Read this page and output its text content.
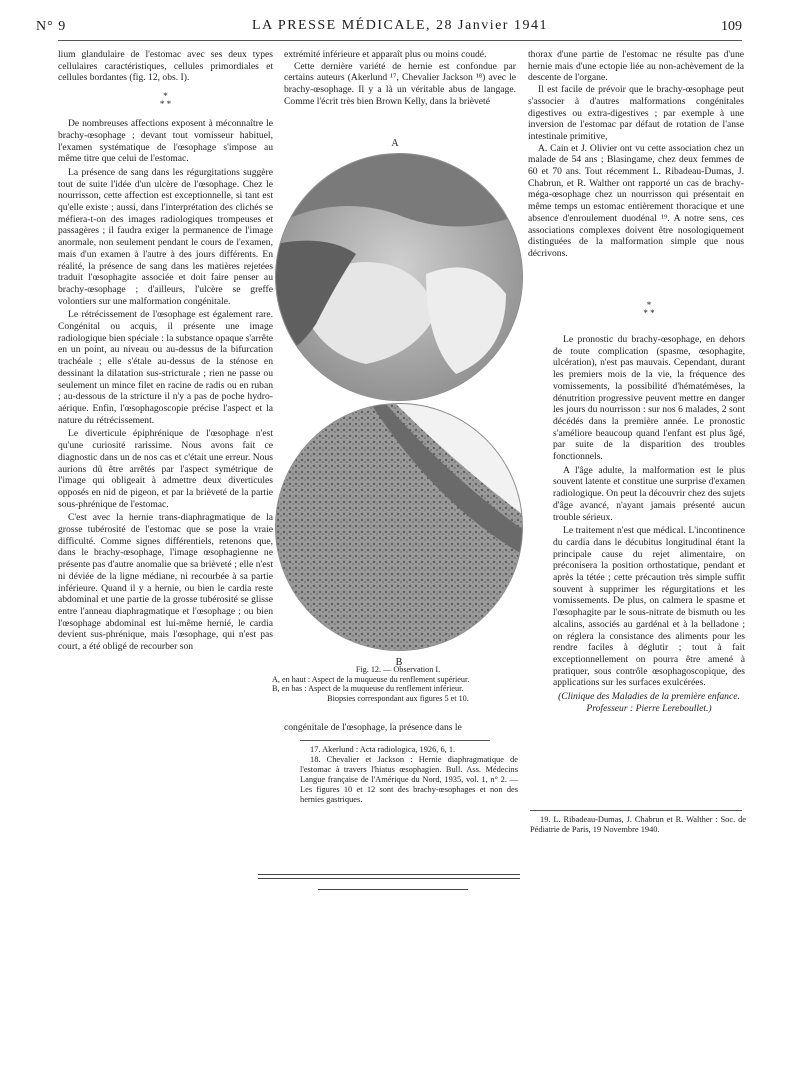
N° 9	LA PRESSE MÉDICALE, 28 Janvier 1941	109

lium glandulaire de l'estomac avec ses deux types cellulaires caractéristiques, cellules primordiales et cellules bordantes (fig. 12, obs. I).

*
* *

De nombreuses affections exposent à méconnaître le brachy-œsophage ; devant tout vomisseur habituel, l'examen systématique de l'œsophage s'impose au même titre que celui de l'estomac.

La présence de sang dans les régurgitations suggère tout de suite l'idée d'un ulcère de l'œsophage. Chez le nourrisson, cette affection est exceptionnelle, si tant est qu'elle existe ; aussi, dans l'interprétation des clichés se méfiera-t-on des images radiologiques trompeuses et passagères ; il faudra exiger la permanence de l'image anormale, non seulement pendant le cours de l'examen, mais d'un examen à l'autre à des jours différents. En réalité, la présence de sang dans les matières rejetées traduit l'œsophagite associée et doit faire penser au brachy-œsophage ; d'ailleurs, l'ulcère se greffe volontiers sur une malformation congénitale.

Le rétrécissement de l'œsophage est également rare. Congénital ou acquis, il présente une image radiologique bien spéciale : la substance opaque s'arrête en un point, au niveau ou au-dessus de la bifurcation trachéale ; elle s'étale au-dessus de la sténose en dessinant la dilatation sus-stricturale ; rien ne passe ou seulement un mince filet en racine de radis ou en ruban ; au-dessous de la stricture il n'y a pas de poche hydro-aérique. Enfin, l'œsophagoscopie précise l'aspect et la nature du rétrécissement.

Le diverticule épiphrénique de l'œsophage n'est qu'une curiosité rarissime. Nous avons fait ce diagnostic dans un de nos cas et c'était une erreur. Nous aurions dû être arrêtés par l'aspect symétrique de l'image qui obligeait à admettre deux diverticules opposés en nid de pigeon, et par la brièveté de la partie sous-phrénique de l'estomac.

C'est avec la hernie trans-diaphragmatique de la grosse tubérosité de l'estomac que se pose la vraie difficulté. Comme signes différentiels, retenons que, dans le brachy-œsophage, l'image œsophagienne ne présente pas d'autre anomalie que sa brièveté ; elle n'est ni déviée de la ligne médiane, ni recourbée à sa partie inférieure. Quand il y a hernie, ou bien le cardia reste abdominal et une partie de la grosse tubérosité se glisse entre l'anneau diaphragmatique et l'œsophage ; ou bien l'œsophage abdominal est lui-même hernié, le cardia devient sus-phrénique, mais l'œsophage, qui n'est pas court, a été obligé de recourber son

extrémité inférieure et apparaît plus ou moins coudé.

Cette dernière variété de hernie est confondue par certains auteurs (Akerlund ¹⁷, Chevalier Jackson ¹⁸) avec le brachy-œsophage. Il y a là un véritable abus de langage. Comme l'écrit très bien Brown Kelly, dans la brièveté

A
B
Fig. 12. — Observation I.
A, en haut : Aspect de la muqueuse du renflement supérieur.
B, en bas : Aspect de la muqueuse du renflement inférieur.
Biopsies correspondant aux figures 5 et 10.

congénitale de l'œsophage, la présence dans le

17. Akerlund : Acta radiologica, 1926, 6, 1.

18. Chevalier et Jackson : Hernie diaphragmatique de l'estomac à travers l'hiatus œsophagien. Bull. Ass. Médecins Langue française de l'Amérique du Nord, 1935, vol. 1, n° 2. — Les figures 10 et 12 sont des brachy-œsophages et non des hernies gastriques.

thorax d'une partie de l'estomac ne résulte pas d'une hernie mais d'une ectopie liée au non-achèvement de la descente de l'organe.

Il est facile de prévoir que le brachy-œsophage peut s'associer à d'autres malformations congénitales digestives ou extra-digestives ; par exemple à une inversion de l'estomac par défaut de rotation de l'anse intestinale primitive,

A. Cain et J. Olivier ont vu cette association chez un malade de 54 ans ; Blasingame, chez deux femmes de 60 et 70 ans. Tout récemment L. Ribadeau-Dumas, J. Chabrun, et R. Walther ont rapporté un cas de brachy-méga-œsophage chez un nourrisson qui présentait en même temps un estomac entièrement thoracique et une absence d'enroulement duodénal ¹⁹. A notre sens, ces associations complexes doivent être nosologiquement distinguées de la malformation simple que nous décrivons.

*
* *

Le pronostic du brachy-œsophage, en dehors de toute complication (spasme, œsophagite, ulcération), n'est pas mauvais. Cependant, durant les premiers mois de la vie, la fréquence des vomissements, la possibilité d'hématémèses, la dénutrition progressive peuvent mettre en danger les jours du nourrisson : sur nos 6 malades, 2 sont décédés dans la première année. Le pronostic s'améliore beaucoup quand l'enfant est plus âgé, par suite de la disparition des troubles fonctionnels.

A l'âge adulte, la malformation est le plus souvent latente et constitue une surprise d'examen radiologique. On peut la découvrir chez des sujets d'âge avancé, n'ayant jamais présenté aucun trouble sérieux.

Le traitement n'est que médical. L'incontinence du cardia dans le décubitus longitudinal étant la principale cause du rejet alimentaire, on préconisera la position orthostatique, pendant et après la tétée ; cette précaution très simple suffit souvent à supprimer les régurgitations et les vomissements. De plus, on calmera le spasme et l'œsophagite par le sous-nitrate de bismuth ou les alcalins, associés au gardénal et à la belladone ; on réglera la consistance des aliments pour les rendre faciles à déglutir ; tout à fait exceptionnellement on pourra être amené à pratiquer, sous contrôle œsophagoscopique, des applications sur les surfaces exulcérées.

(Clinique des Maladies de la première enfance. Professeur : Pierre Lereboullet.)

19. L. Ribadeau-Dumas, J. Chabrun et R. Walther : Soc. de Pédiatrie de Paris, 19 Novembre 1940.
